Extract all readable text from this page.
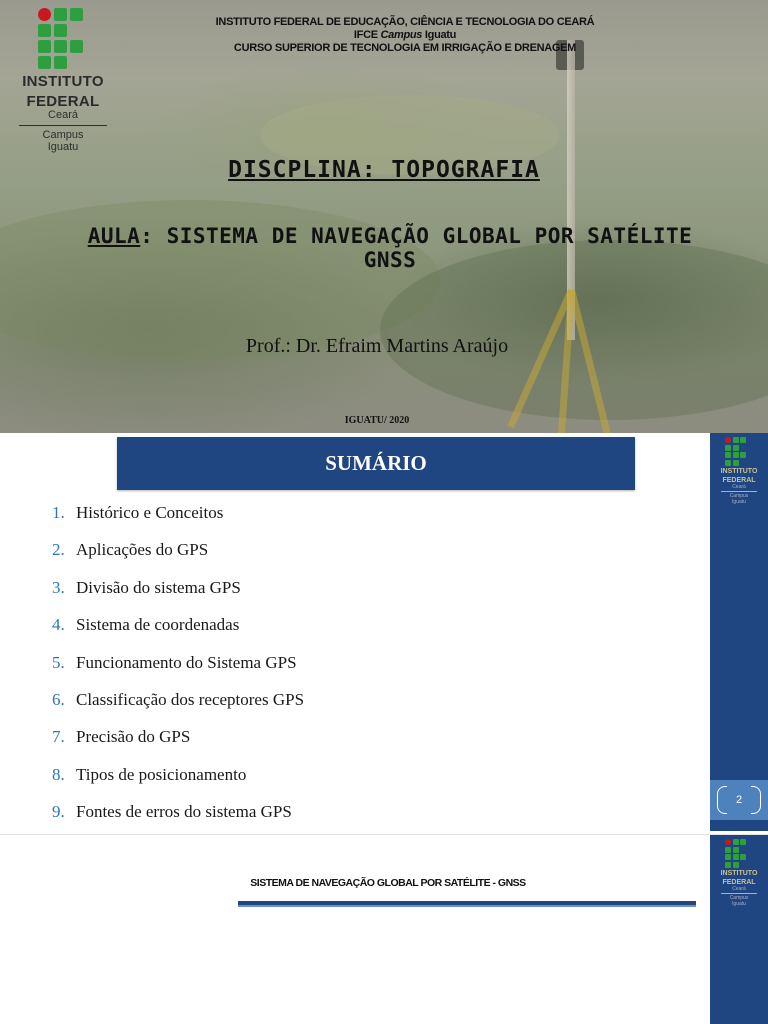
INSTITUTO
FEDERAL
Ceará
Campus
Iguatu
INSTITUTO FEDERAL DE EDUCAÇÃO, CIÊNCIA E TECNOLOGIA DO CEARÁ
IFCE Campus Iguatu
CURSO SUPERIOR DE TECNOLOGIA EM IRRIGAÇÃO E DRENAGEM
DISCPLINA: TOPOGRAFIA
AULA: SISTEMA DE NAVEGAÇÃO GLOBAL POR SATÉLITE
GNSS
Prof.: Dr. Efraim Martins Araújo
IGUATU/ 2020
SUMÁRIO
1. Histórico e Conceitos
2. Aplicações do GPS
3. Divisão do sistema GPS
4. Sistema de coordenadas
5. Funcionamento do Sistema GPS
6. Classificação dos receptores GPS
7. Precisão do GPS
8. Tipos de posicionamento
9. Fontes de erros do sistema GPS
INSTITUTO
FEDERAL
Ceará
Campus
Iguatu
2
SISTEMA DE NAVEGAÇÃO GLOBAL POR SATÉLITE - GNSS
INSTITUTO
FEDERAL
Ceará
Campus
Iguatu
